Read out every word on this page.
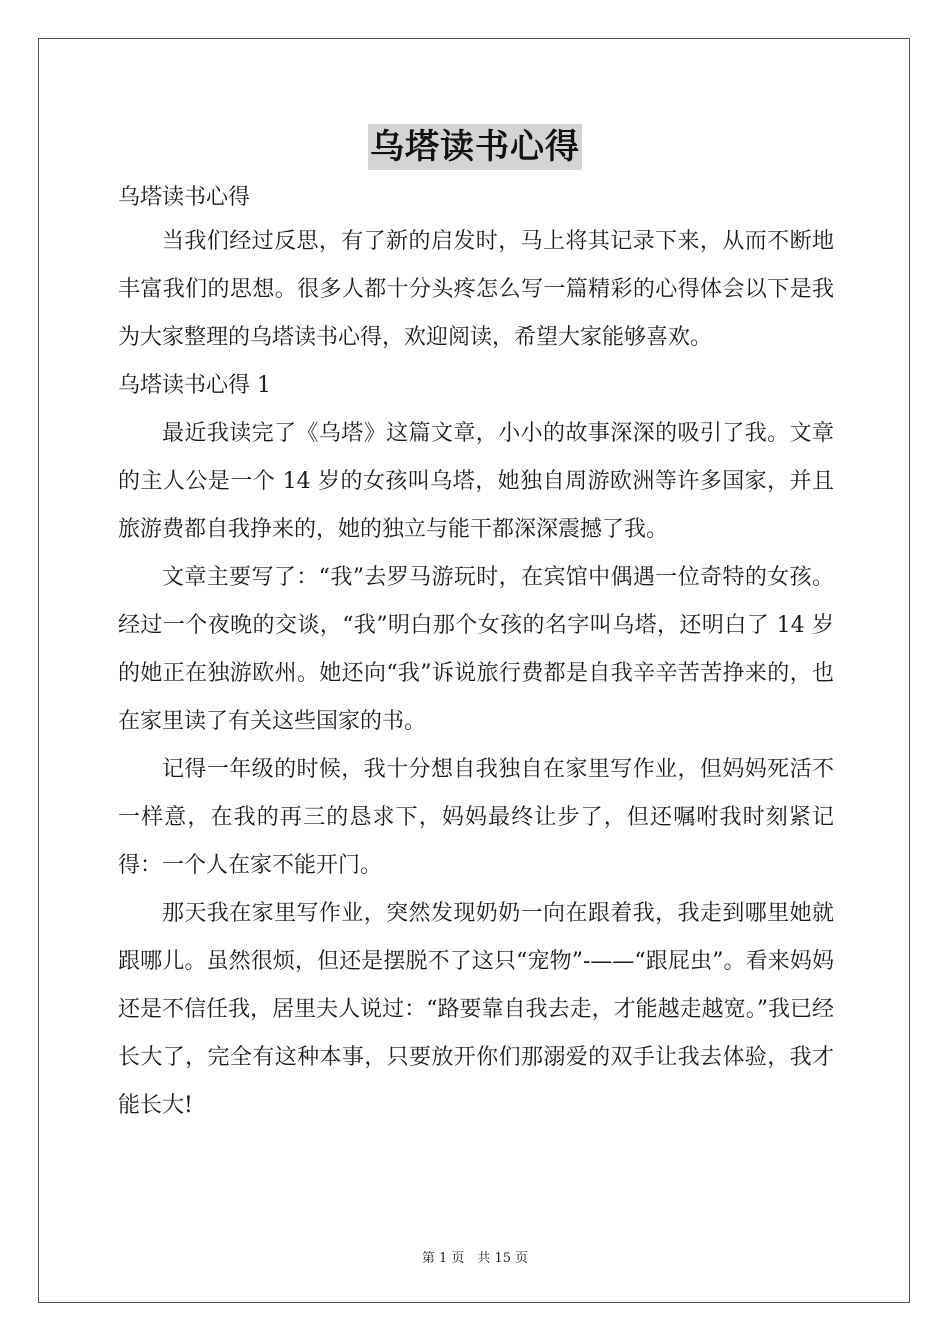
乌塔读书心得

乌塔读书心得

当我们经过反思，有了新的启发时，马上将其记录下来，从而不断地丰富我们的思想。很多人都十分头疼怎么写一篇精彩的心得体会以下是我为大家整理的乌塔读书心得，欢迎阅读，希望大家能够喜欢。

乌塔读书心得 1

最近我读完了《乌塔》这篇文章，小小的故事深深的吸引了我。文章的主人公是一个 14 岁的女孩叫乌塔，她独自周游欧洲等许多国家，并且旅游费都自我挣来的，她的独立与能干都深深震撼了我。

文章主要写了：“我”去罗马游玩时，在宾馆中偶遇一位奇特的女孩。经过一个夜晚的交谈，“我”明白那个女孩的名字叫乌塔，还明白了 14 岁的她正在独游欧州。她还向“我”诉说旅行费都是自我辛辛苦苦挣来的，也在家里读了有关这些国家的书。

记得一年级的时候，我十分想自我独自在家里写作业，但妈妈死活不一样意，在我的再三的恳求下，妈妈最终让步了，但还嘱咐我时刻紧记得：一个人在家不能开门。

那天我在家里写作业，突然发现奶奶一向在跟着我，我走到哪里她就跟哪儿。虽然很烦，但还是摆脱不了这只“宠物”-——“跟屁虫”。看来妈妈还是不信任我，居里夫人说过：“路要靠自我去走，才能越走越宽。”我已经长大了，完全有这种本事，只要放开你们那溺爱的双手让我去体验，我才能长大!

第 1 页　共 15 页
